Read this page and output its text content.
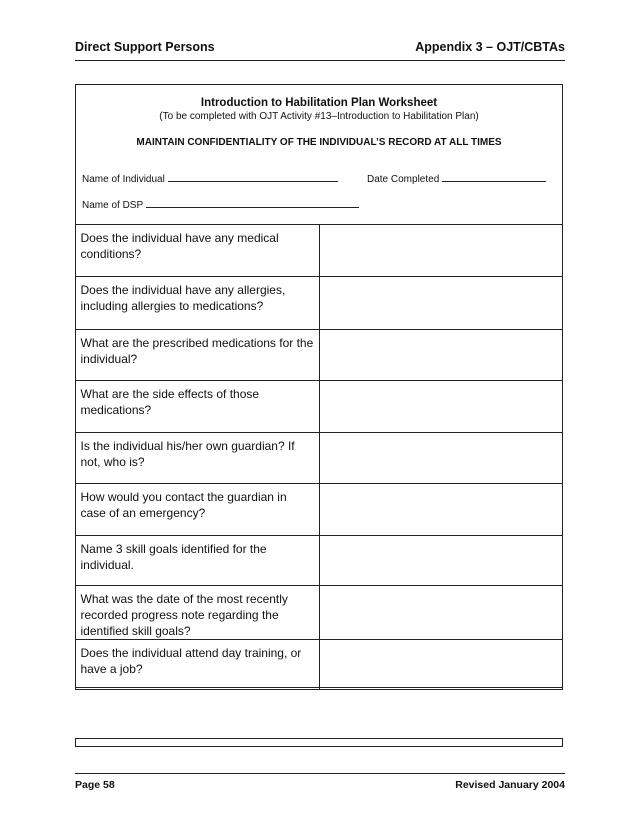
Direct Support Persons	Appendix 3 – OJT/CBTAs
Introduction to Habilitation Plan Worksheet
(To be completed with OJT Activity #13–Introduction to Habilitation Plan)
MAINTAIN CONFIDENTIALITY OF THE INDIVIDUAL’S RECORD AT ALL TIMES
Name of Individual	Date Completed
Name of DSP
Does the individual have any medical conditions?	
Does the individual have any allergies, including allergies to medications?	
What are the prescribed medications for the individual?	
What are the side effects of those medications?	
Is the individual his/her own guardian? If not, who is?	
How would you contact the guardian in case of an emergency?	
Name 3 skill goals identified for the individual.	
What was the date of the most recently recorded progress note regarding the identified skill goals?	
Does the individual attend day training, or have a job?	
Page 58	Revised January 2004
